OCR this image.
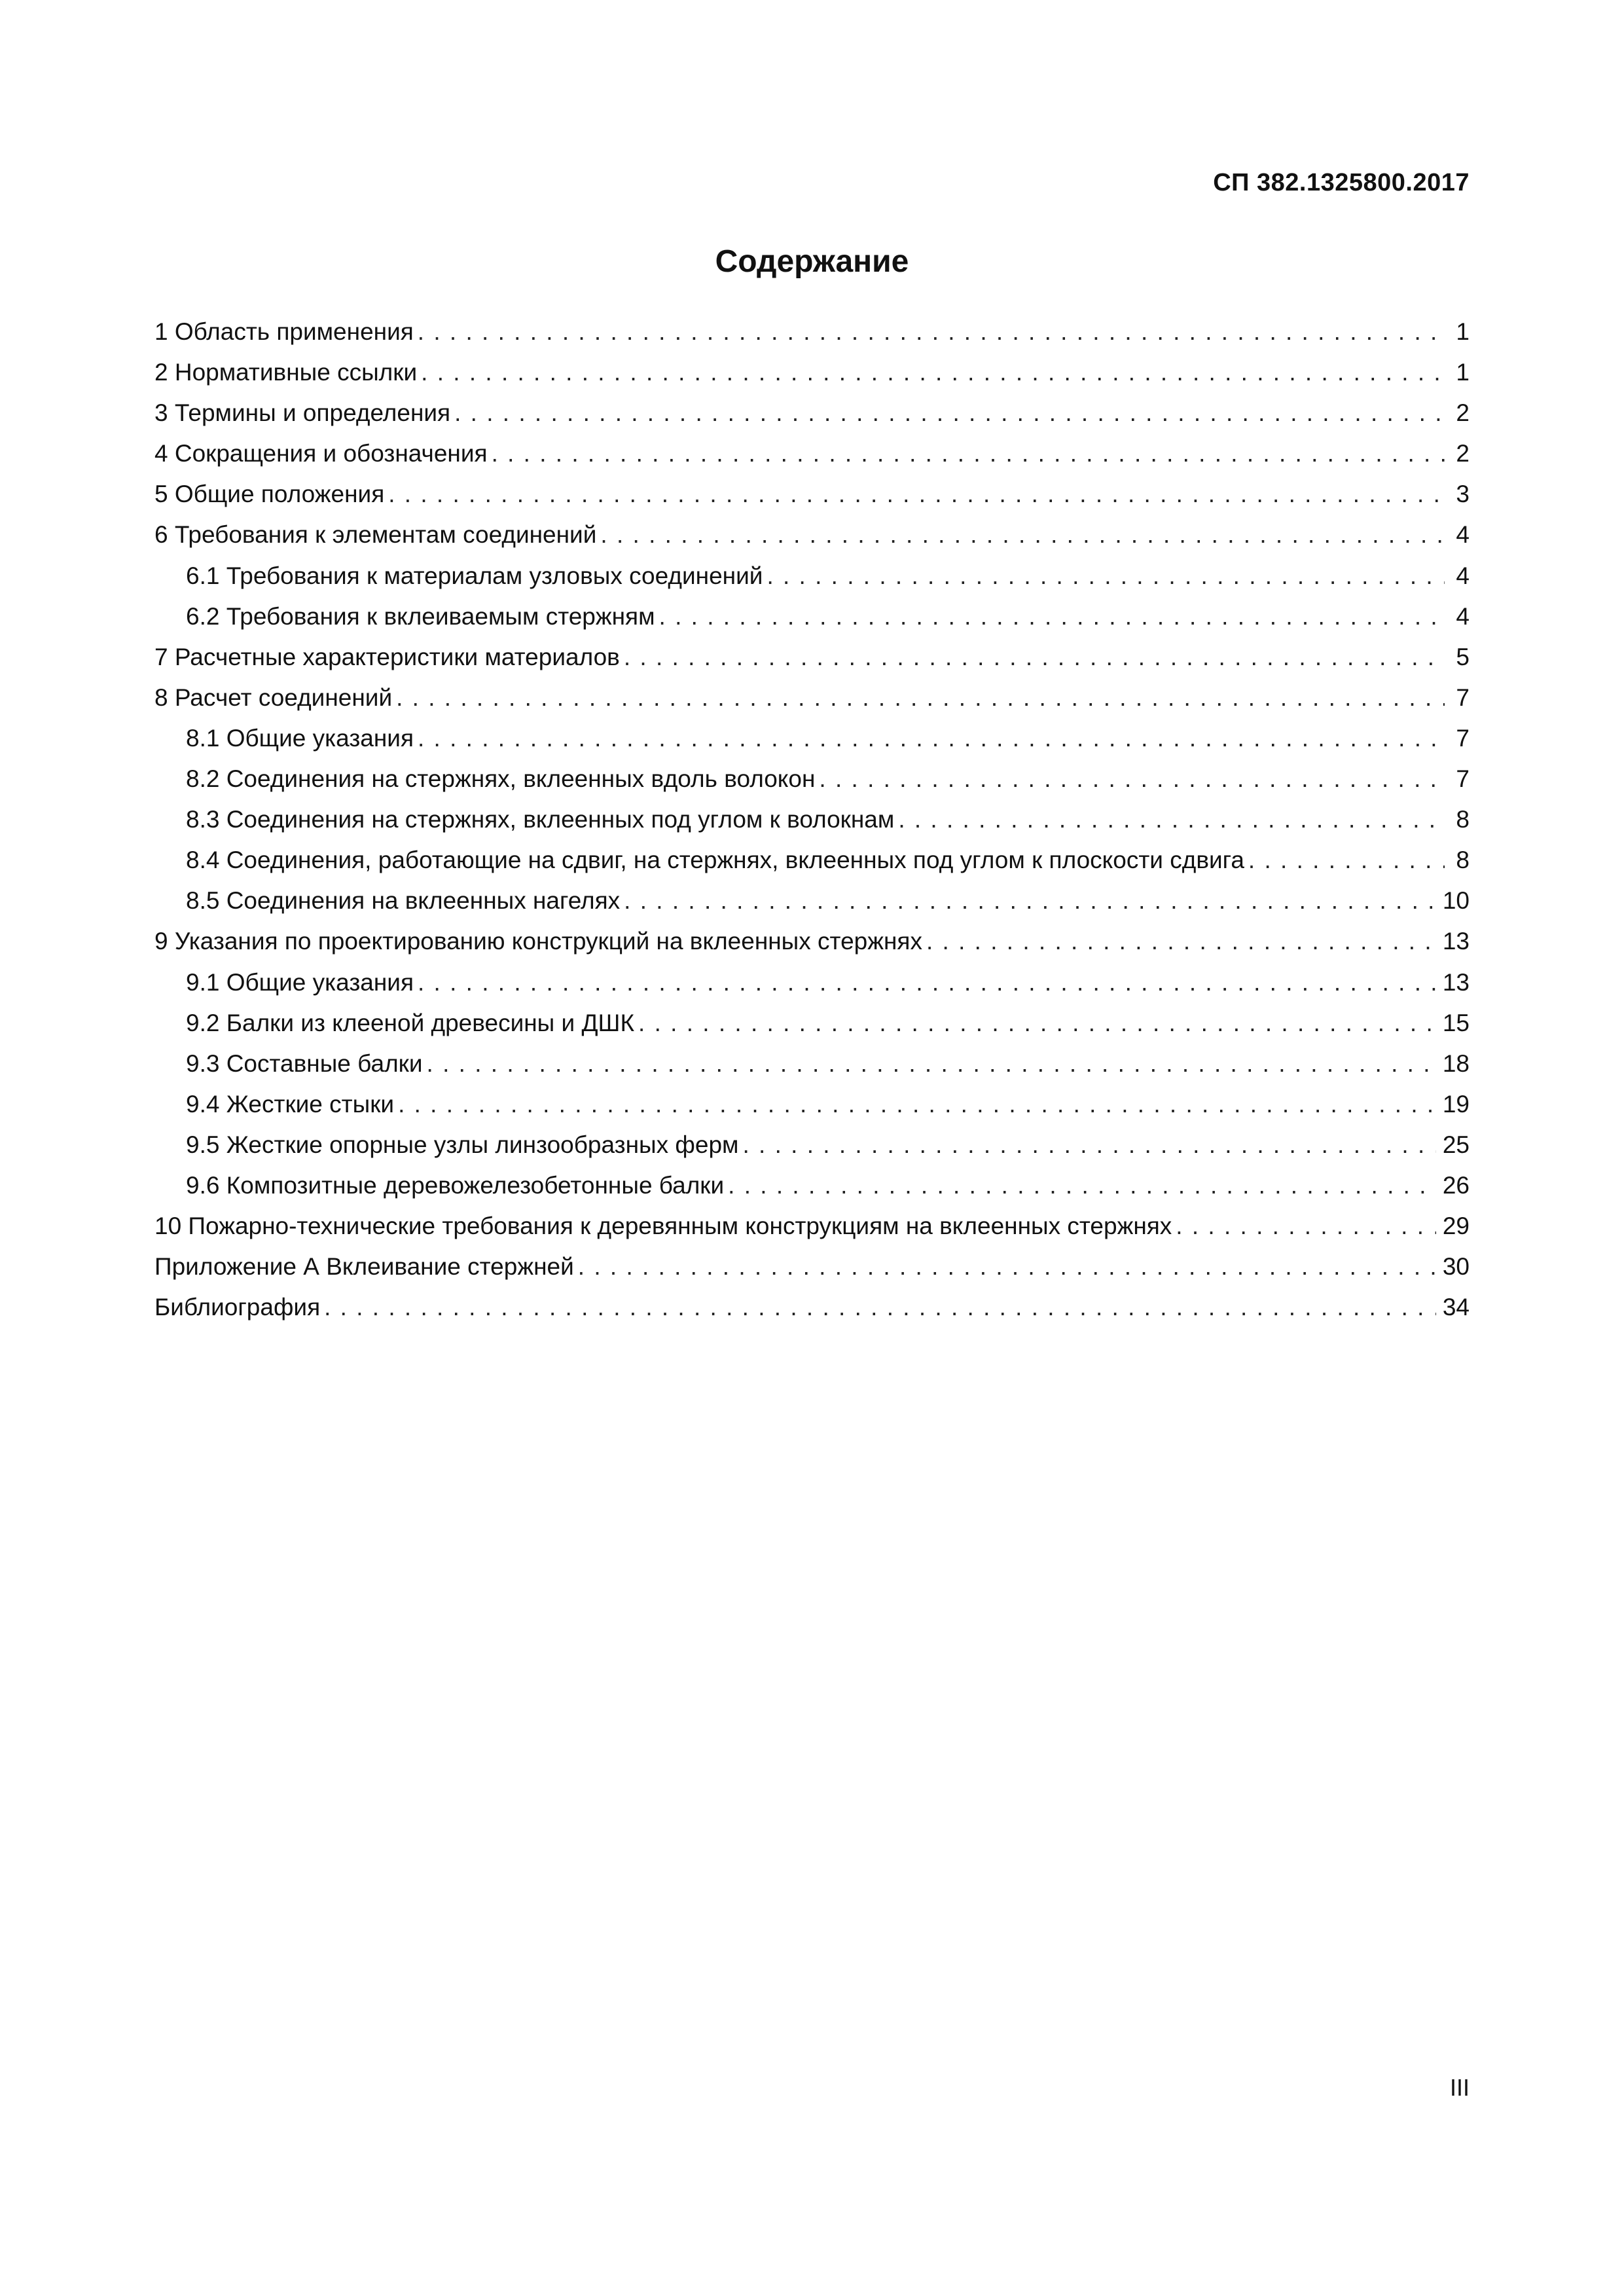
СП 382.1325800.2017
Содержание
1 Область применения . . .	1
2 Нормативные ссылки . . .	1
3 Термины и определения . . .	2
4 Сокращения и обозначения . . .	2
5 Общие положения . . .	3
6 Требования к элементам соединений . . .	4
6.1 Требования к материалам узловых соединений . . .	4
6.2 Требования к вклеиваемым стержням . . .	4
7 Расчетные характеристики материалов . . .	5
8 Расчет соединений . . .	7
8.1 Общие указания . . .	7
8.2 Соединения на стержнях, вклеенных вдоль волокон . . .	7
8.3 Соединения на стержнях, вклеенных под углом к волокнам . . .	8
8.4 Соединения, работающие на сдвиг, на стержнях, вклеенных под углом к плоскости сдвига . . .	8
8.5 Соединения на вклеенных нагелях . . .	10
9 Указания по проектированию конструкций на вклеенных стержнях . . .	13
9.1 Общие указания . . .	13
9.2 Балки из клееной древесины и ДШК . . .	15
9.3 Составные балки . . .	18
9.4 Жесткие стыки . . .	19
9.5 Жесткие опорные узлы линзообразных ферм . . .	25
9.6 Композитные деревожелезобетонные балки . . .	26
10 Пожарно-технические требования к деревянным конструкциям на вклеенных стержнях . . .	29
Приложение А Вклеивание стержней . . .	30
Библиография . . .	34
III
